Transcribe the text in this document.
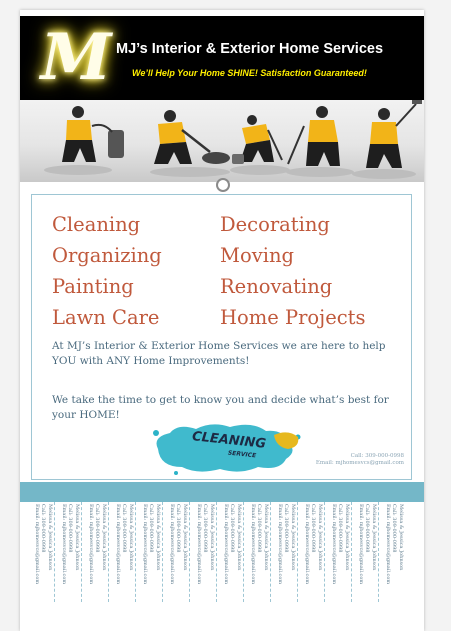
M MJ’s Interior & Exterior Home Services
We’ll Help Your Home SHINE! Satisfaction Guaranteed!
Cleaning
Organizing
Painting
Lawn Care
Decorating
Moving
Renovating
Home Projects
At MJ’s Interior & Exterior Home Services we are here to help YOU with ANY Home Improvements!
We take the time to get to know you and decide what’s best for your HOME!
CLEANING
SERVICE	Call: 309-000-0998
Email: mjhomesvcs@gmail.com
Melissa & Jessica Johnson
Call: 309-000-0998
Email: mjhomesvcs@gmail.com	Melissa & Jessica Johnson
Call: 309-000-0998
Email: mjhomesvcs@gmail.com	Melissa & Jessica Johnson
Call: 309-000-0998
Email: mjhomesvcs@gmail.com	Melissa & Jessica Johnson
Call: 309-000-0998
Email: mjhomesvcs@gmail.com	Melissa & Jessica Johnson
Call: 309-000-0998
Email: mjhomesvcs@gmail.com	Melissa & Jessica Johnson
Call: 309-000-0998
Email: mjhomesvcs@gmail.com	Melissa & Jessica Johnson
Call: 309-000-0998
Email: mjhomesvcs@gmail.com	Melissa & Jessica Johnson
Call: 309-000-0998
Email: mjhomesvcs@gmail.com	Melissa & Jessica Johnson
Call: 309-000-0998
Email: mjhomesvcs@gmail.com	Melissa & Jessica Johnson
Call: 309-000-0998
Email: mjhomesvcs@gmail.com	Melissa & Jessica Johnson
Call: 309-000-0998
Email: mjhomesvcs@gmail.com	Melissa & Jessica Johnson
Call: 309-000-0998
Email: mjhomesvcs@gmail.com	Melissa & Jessica Johnson
Call: 309-000-0998
Email: mjhomesvcs@gmail.com	Melissa & Jessica Johnson
Call: 309-000-0998
Email: mjhomesvcs@gmail.com
